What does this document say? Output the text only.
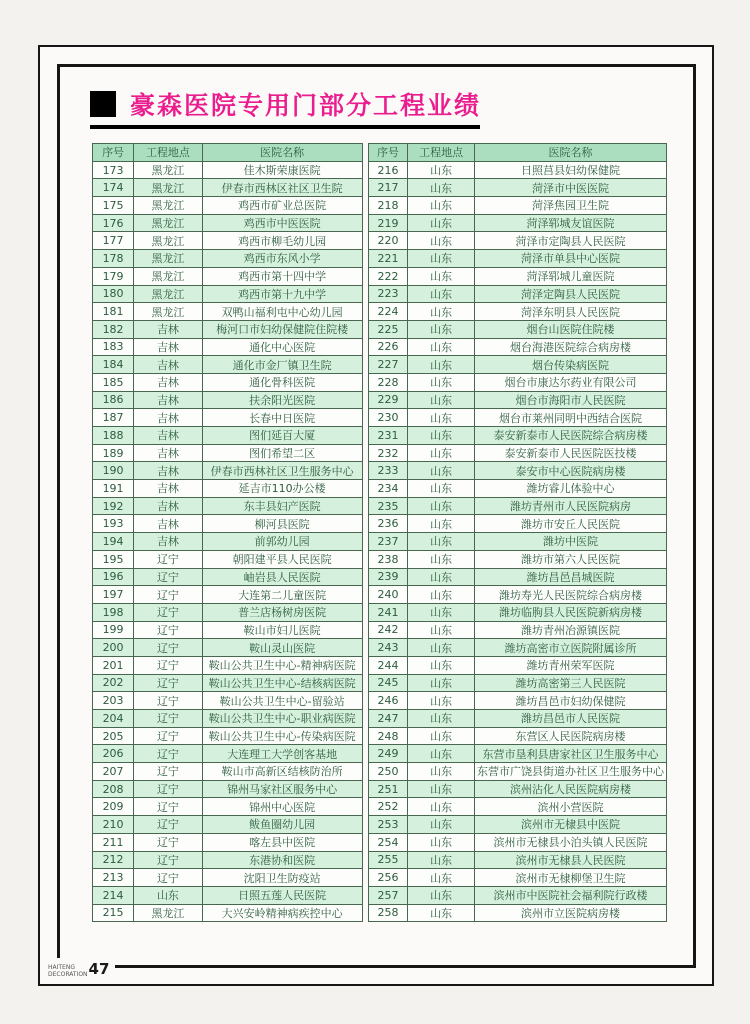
豪森医院专用门部分工程业绩
序号	工程地点	医院名称
173	黑龙江	佳木斯荣康医院
174	黑龙江	伊春市西林区社区卫生院
175	黑龙江	鸡西市矿业总医院
176	黑龙江	鸡西市中医医院
177	黑龙江	鸡西市柳毛幼儿园
178	黑龙江	鸡西市东风小学
179	黑龙江	鸡西市第十四中学
180	黑龙江	鸡西市第十九中学
181	黑龙江	双鸭山福利屯中心幼儿园
182	吉林	梅河口市妇幼保健院住院楼
183	吉林	通化中心医院
184	吉林	通化市金厂镇卫生院
185	吉林	通化骨科医院
186	吉林	扶余阳光医院
187	吉林	长春中日医院
188	吉林	图们延百大厦
189	吉林	图们希望二区
190	吉林	伊春市西林社区卫生服务中心
191	吉林	延吉市110办公楼
192	吉林	东丰县妇产医院
193	吉林	柳河县医院
194	吉林	前郭幼儿园
195	辽宁	朝阳建平县人民医院
196	辽宁	岫岩县人民医院
197	辽宁	大连第二儿童医院
198	辽宁	普兰店杨树房医院
199	辽宁	鞍山市妇儿医院
200	辽宁	鞍山灵山医院
201	辽宁	鞍山公共卫生中心-精神病医院
202	辽宁	鞍山公共卫生中心-结核病医院
203	辽宁	鞍山公共卫生中心-留验站
204	辽宁	鞍山公共卫生中心-职业病医院
205	辽宁	鞍山公共卫生中心-传染病医院
206	辽宁	大连理工大学创客基地
207	辽宁	鞍山市高新区结核防治所
208	辽宁	锦州马家社区服务中心
209	辽宁	锦州中心医院
210	辽宁	鲅鱼圈幼儿园
211	辽宁	喀左县中医院
212	辽宁	东港协和医院
213	辽宁	沈阳卫生防疫站
214	山东	日照五莲人民医院
215	黑龙江	大兴安岭精神病疾控中心
序号	工程地点	医院名称
216	山东	日照莒县妇幼保健院
217	山东	菏泽市中医医院
218	山东	菏泽焦园卫生院
219	山东	菏泽郓城友谊医院
220	山东	菏泽市定陶县人民医院
221	山东	菏泽市单县中心医院
222	山东	菏泽郓城儿童医院
223	山东	菏泽定陶县人民医院
224	山东	菏泽东明县人民医院
225	山东	烟台山医院住院楼
226	山东	烟台海港医院综合病房楼
227	山东	烟台传染病医院
228	山东	烟台市康达尔药业有限公司
229	山东	烟台市海阳市人民医院
230	山东	烟台市莱州同明中西结合医院
231	山东	泰安新泰市人民医院综合病房楼
232	山东	泰安新泰市人民医院医技楼
233	山东	泰安市中心医院病房楼
234	山东	潍坊睿儿体验中心
235	山东	潍坊青州市人民医院病房
236	山东	潍坊市安丘人民医院
237	山东	潍坊中医院
238	山东	潍坊市第六人民医院
239	山东	潍坊昌邑昌城医院
240	山东	潍坊寿光人民医院综合病房楼
241	山东	潍坊临朐县人民医院新病房楼
242	山东	潍坊青州冶源镇医院
243	山东	潍坊高密市立医院附属诊所
244	山东	潍坊青州荣军医院
245	山东	潍坊高密第三人民医院
246	山东	潍坊昌邑市妇幼保健院
247	山东	潍坊昌邑市人民医院
248	山东	东营区人民医院病房楼
249	山东	东营市垦利县唐家社区卫生服务中心
250	山东	东营市广饶县街道办社区卫生服务中心
251	山东	滨州沾化人民医院病房楼
252	山东	滨州小营医院
253	山东	滨州市无棣县中医院
254	山东	滨州市无棣县小泊头镇人民医院
255	山东	滨州市无棣县人民医院
256	山东	滨州市无棣柳堡卫生院
257	山东	滨州市中医院社会福利院行政楼
258	山东	滨州市立医院病房楼
HAITENG
DECORATION 47
